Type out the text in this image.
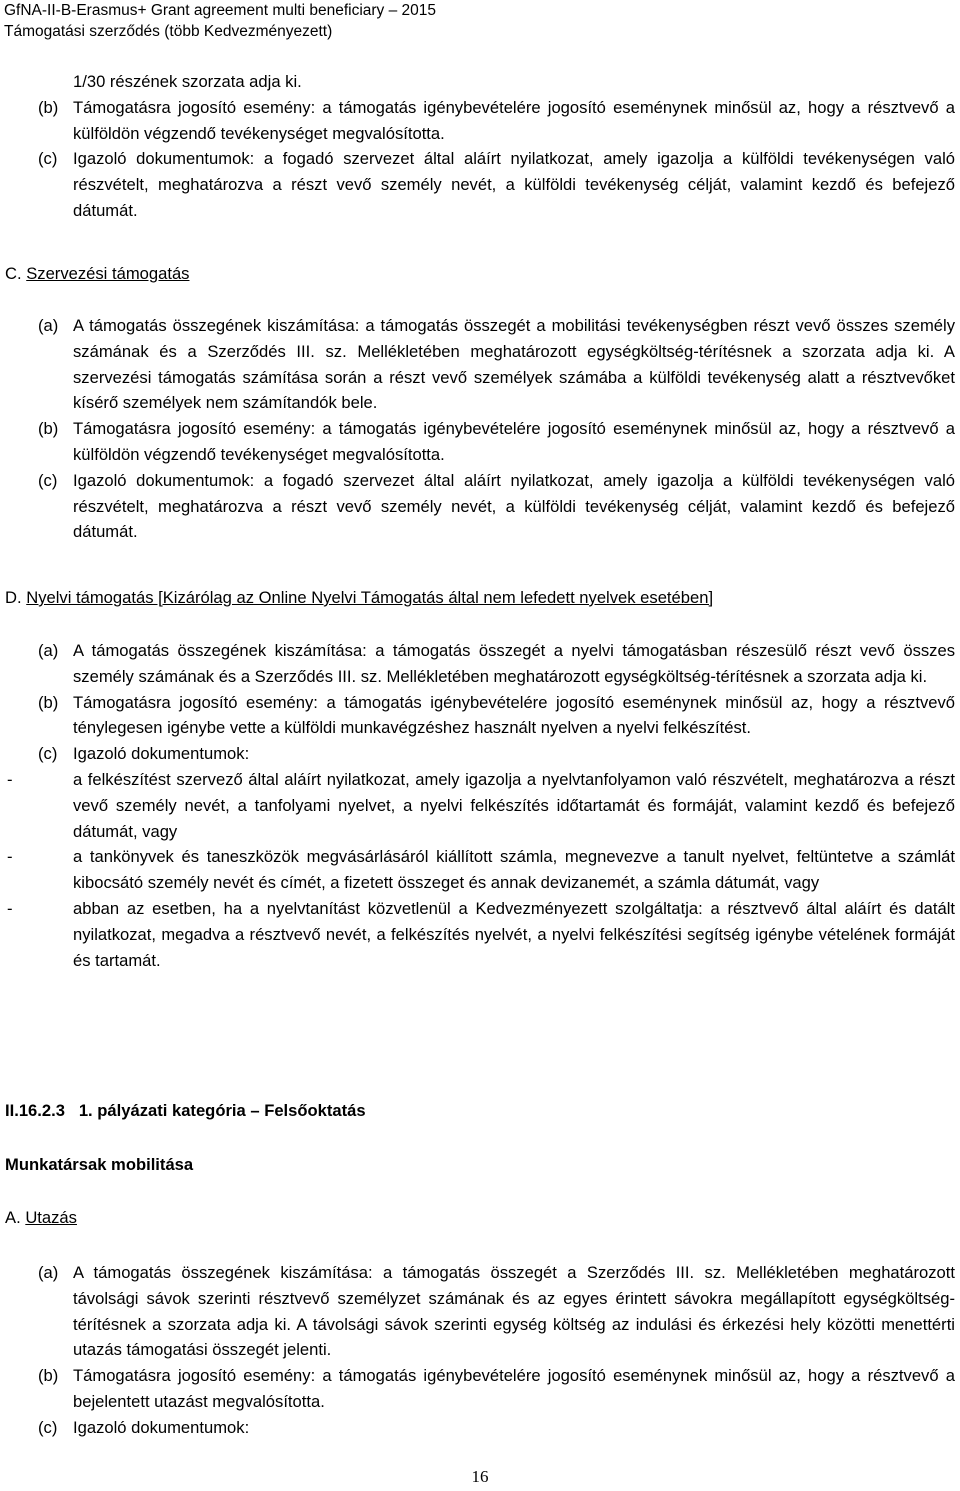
GfNA-II-B-Erasmus+ Grant agreement multi beneficiary – 2015
Támogatási szerződés (több Kedvezményezett)

1/30 részének szorzata adja ki.

(b) Támogatásra jogosító esemény: a támogatás igénybevételére jogosító eseménynek minősül az, hogy a résztvevő a külföldön végzendő tevékenységet megvalósította.
(c) Igazoló dokumentumok: a fogadó szervezet által aláírt nyilatkozat, amely igazolja a külföldi tevékenységen való részvételt, meghatározva a részt vevő személy nevét, a külföldi tevékenység célját, valamint kezdő és befejező dátumát.

C. Szervezési támogatás

(a) A támogatás összegének kiszámítása: a támogatás összegét a mobilitási tevékenységben részt vevő összes személy számának és a Szerződés III. sz. Mellékletében meghatározott egységköltség-térítésnek a szorzata adja ki. A szervezési támogatás számítása során a részt vevő személyek számába a külföldi tevékenység alatt a résztvevőket kísérő személyek nem számítandók bele.
(b) Támogatásra jogosító esemény: a támogatás igénybevételére jogosító eseménynek minősül az, hogy a résztvevő a külföldön végzendő tevékenységet megvalósította.
(c) Igazoló dokumentumok: a fogadó szervezet által aláírt nyilatkozat, amely igazolja a külföldi tevékenységen való részvételt, meghatározva a részt vevő személy nevét, a külföldi tevékenység célját, valamint kezdő és befejező dátumát.

D. Nyelvi támogatás [Kizárólag az Online Nyelvi Támogatás által nem lefedett nyelvek esetében]

(a) A támogatás összegének kiszámítása: a támogatás összegét a nyelvi támogatásban részesülő részt vevő összes személy számának és a Szerződés III. sz. Mellékletében meghatározott egységköltség-térítésnek a szorzata adja ki.
(b) Támogatásra jogosító esemény: a támogatás igénybevételére jogosító eseménynek minősül az, hogy a résztvevő ténylegesen igénybe vette a külföldi munkavégzéshez használt nyelven a nyelvi felkészítést.
(c) Igazoló dokumentumok:
-	a felkészítést szervező által aláírt nyilatkozat, amely igazolja a nyelvtanfolyamon való részvételt, meghatározva a részt vevő személy nevét, a tanfolyami nyelvet, a nyelvi felkészítés időtartamát és formáját, valamint kezdő és befejező dátumát, vagy
-	a tankönyvek és taneszközök megvásárlásáról kiállított számla, megnevezve a tanult nyelvet, feltüntetve a számlát kibocsátó személy nevét és címét, a fizetett összeget és annak devizanemét, a számla dátumát, vagy
-	abban az esetben, ha a nyelvtanítást közvetlenül a Kedvezményezett szolgáltatja: a résztvevő által aláírt és datált nyilatkozat, megadva a résztvevő nevét, a felkészítés nyelvét, a nyelvi felkészítési segítség igénybe vételének formáját és tartamát.
II.16.2.3 1. pályázati kategória – Felsőoktatás
Munkatársak mobilitása

A. Utazás

(a) A támogatás összegének kiszámítása: a támogatás összegét a Szerződés III. sz. Mellékletében meghatározott távolsági sávok szerinti résztvevő személyzet számának és az egyes érintett sávokra megállapított egységköltség-térítésnek a szorzata adja ki. A távolsági sávok szerinti egység költség az indulási és érkezési hely közötti menettérti utazás támogatási összegét jelenti.
(b) Támogatásra jogosító esemény: a támogatás igénybevételére jogosító eseménynek minősül az, hogy a résztvevő a bejelentett utazást megvalósította.
(c) Igazoló dokumentumok:
16
